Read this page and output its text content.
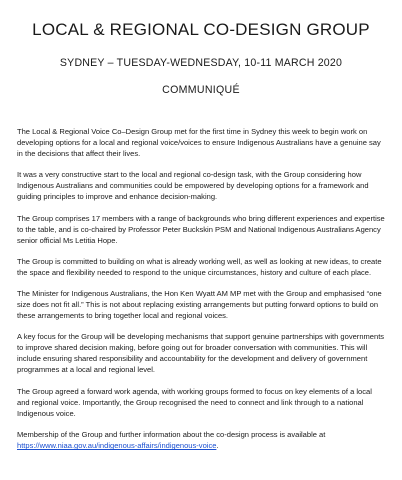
LOCAL & REGIONAL CO-DESIGN GROUP
SYDNEY – TUESDAY-WEDNESDAY, 10-11 MARCH 2020
COMMUNIQUÉ

The Local & Regional Voice Co–Design Group met for the first time in Sydney this week to begin work on developing options for a local and regional voice/voices to ensure Indigenous Australians have a genuine say in the decisions that affect their lives.

It was a very constructive start to the local and regional co-design task, with the Group considering how Indigenous Australians and communities could be empowered by developing options for a framework and guiding principles to improve and enhance decision-making.

The Group comprises 17 members with a range of backgrounds who bring different experiences and expertise to the table, and is co-chaired by Professor Peter Buckskin PSM and National Indigenous Australians Agency senior official Ms Letitia Hope.

The Group is committed to building on what is already working well, as well as looking at new ideas, to create the space and flexibility needed to respond to the unique circumstances, history and culture of each place.

The Minister for Indigenous Australians, the Hon Ken Wyatt AM MP met with the Group and emphasised “one size does not fit all.” This is not about replacing existing arrangements but putting forward options to build on these arrangements to bring together local and regional voices.

A key focus for the Group will be developing mechanisms that support genuine partnerships with governments to improve shared decision making, before going out for broader conversation with communities. This will include ensuring shared responsibility and accountability for the development and delivery of government programmes at a local and regional level.

The Group agreed a forward work agenda, with working groups formed to focus on key elements of a local and regional voice. Importantly, the Group recognised the need to connect and link through to a national Indigenous voice.

Membership of the Group and further information about the co-design process is available at
https://www.niaa.gov.au/indigenous-affairs/indigenous-voice.
